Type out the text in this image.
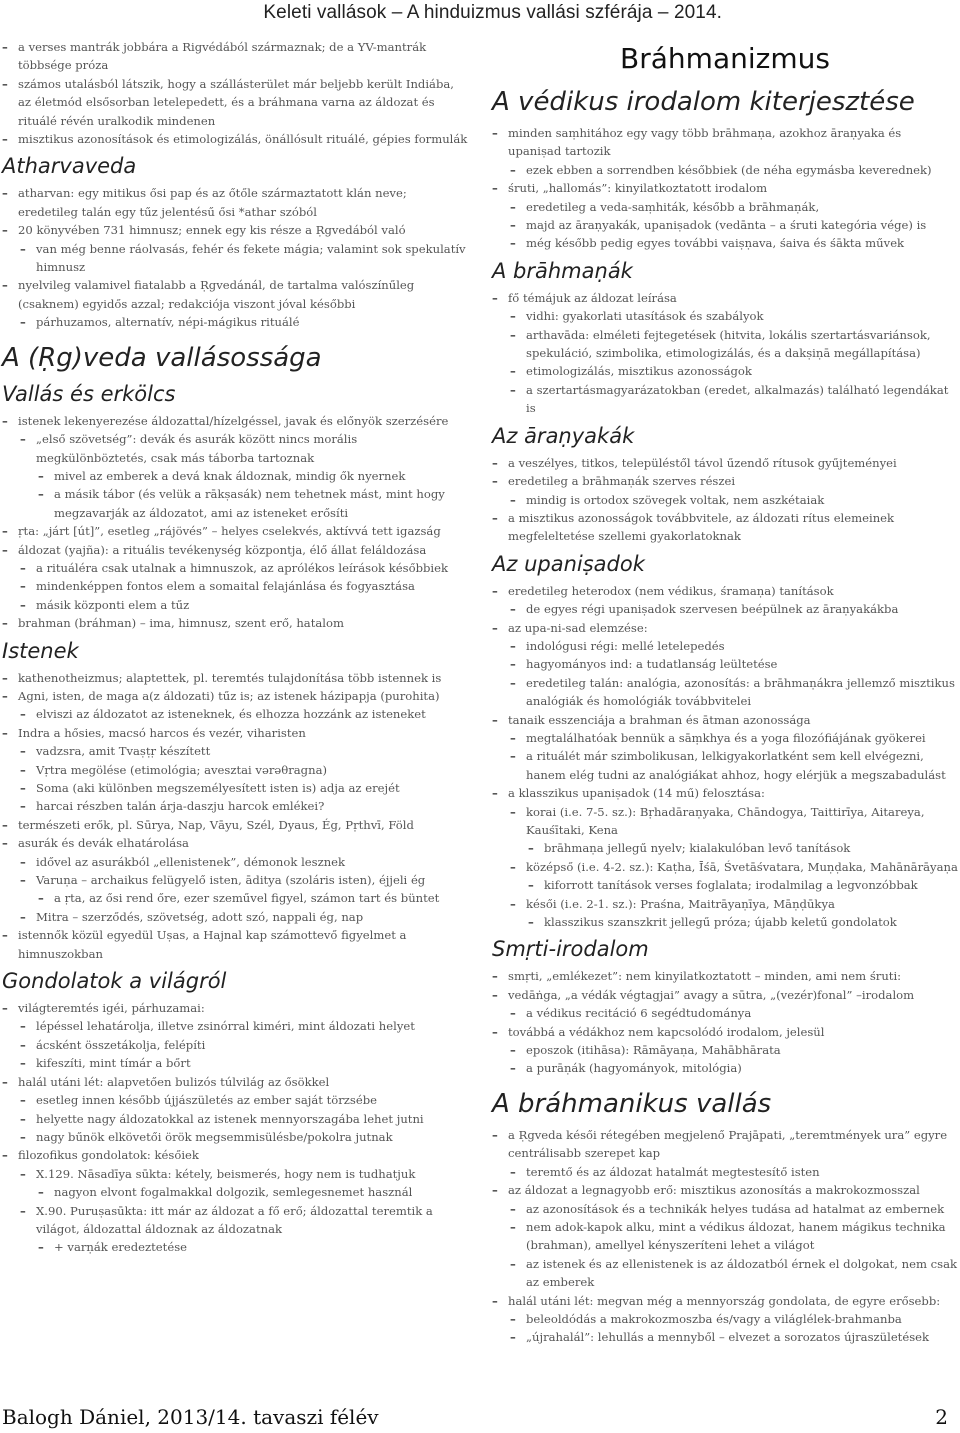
Keleti vallások – A hinduizmus vallási szférája – 2014.
– a verses mantrák jobbára a Rigvédából származnak; de a YV-mantrák többsége próza
– számos utalásból látszik, hogy a szállásterület már beljebb került Indiába, az életmód elsősorban letelepedett, és a bráhmana varna az áldozat és rituálé révén uralkodik mindenen
– misztikus azonosítások és etimologizálás, önállósult rituálé, gépies formulák
Atharvaveda
– atharvan: egy mitikus ősi pap és az őtőle származtatott klán neve; eredetileg talán egy tűz jelentésű ősi *athar szóból
– 20 könyvében 731 himnusz; ennek egy kis része a Ṛgvedából való
– van még benne ráolvasás, fehér és fekete mágia; valamint sok spekulatív himnusz
– nyelvileg valamivel fiatalabb a Ṛgvedánál, de tartalma valószínűleg (csaknem) egyidős azzal; redakciója viszont jóval későbbi
– párhuzamos, alternatív, népi-mágikus rituálé
A (Ṛg)veda vallásossága
Vallás és erkölcs
– istenek lekenyerezése áldozattal/hízelgéssel, javak és előnyök szerzésére
– „első szövetség”: devák és asurák között nincs morális megkülönböztetés, csak más táborba tartoznak
– mivel az emberek a devá knak áldoznak, mindig ők nyernek
– a másik tábor (és velük a rākṣasák) nem tehetnek mást, mint hogy megzavarják az áldozatot, ami az isteneket erősíti
– ṛta: „járt [út]”, esetleg „rájövés” – helyes cselekvés, aktívvá tett igazság
– áldozat (yajña): a rituális tevékenység központja, élő állat feláldozása
– a rituáléra csak utalnak a himnuszok, az aprólékos leírások későbbiek
– mindenképpen fontos elem a somaital felajánlása és fogyasztása
– másik központi elem a tűz
– brahman (bráhman) – ima, himnusz, szent erő, hatalom
Istenek
– kathenotheizmus; alaptettek, pl. teremtés tulajdonítása több istennek is
– Agni, isten, de maga a(z áldozati) tűz is; az istenek házipapja (purohita)
– elviszi az áldozatot az isteneknek, és elhozza hozzánk az isteneket
– Indra a hősies, macsó harcos és vezér, viharisten
– vadzsra, amit Tvaṣṭṛ készített
– Vṛtra megölése (etimológia; avesztai vərəθragna)
– Soma (aki különben megszemélyesített isten is) adja az erejét
– harcai részben talán árja-daszju harcok emlékei?
– természeti erők, pl. Sūrya, Nap, Vāyu, Szél, Dyaus, Ég, Pṛthvī, Föld
– asurák és devák elhatárolása
– idővel az asurákból „ellenistenek”, démonok lesznek
– Varuṇa – archaikus felügyelő isten, āditya (szoláris isten), éjjeli ég
– a ṛta, az ősi rend őre, ezer szeművel figyel, számon tart és büntet
– Mitra – szerződés, szövetség, adott szó, nappali ég, nap
– istennők közül egyedül Uṣas, a Hajnal kap számottevő figyelmet a himnuszokban
Gondolatok a világról
– világteremtés igéi, párhuzamai:
– lépéssel lehatárolja, illetve zsinórral kiméri, mint áldozati helyet
– ácsként összetákolja, felépíti
– kifeszíti, mint tímár a bőrt
– halál utáni lét: alapvetően bulizós túlvilág az ősökkel
– esetleg innen később újjászületés az ember saját törzsébe
– helyette nagy áldozatokkal az istenek mennyorszagába lehet jutni
– nagy bűnök elkövetői örök megsemmisülésbe/pokolra jutnak
– filozofikus gondolatok: későiek
– X.129. Nāsadīya sūkta: kétely, beismerés, hogy nem is tudhatjuk
– nagyon elvont fogalmakkal dolgozik, semlegesnemet használ
– X.90. Puruṣasūkta: itt már az áldozat a fő erő; áldozattal teremtik a világot, áldozattal áldoznak az áldozatnak
– + varṇák eredeztetése
Bráhmanizmus
A védikus irodalom kiterjesztése
– minden saṃhitához egy vagy több brāhmaṇa, azokhoz āraṇyaka és upaniṣad tartozik
– ezek ebben a sorrendben későbbiek (de néha egymásba keverednek)
– śruti, „hallomás”: kinyilatkoztatott irodalom
– eredetileg a veda-saṃhiták, később a brāhmaṇák,
– majd az āraṇyakák, upaniṣadok (vedānta – a śruti kategória vége) is
– még később pedig egyes további vaiṣṇava, śaiva és śākta művek
A brāhmaṇák
– fő témájuk az áldozat leírása
– vidhi: gyakorlati utasítások és szabályok
– arthavāda: elméleti fejtegetések (hitvita, lokális szertartásvariánsok, spekuláció, szimbolika, etimologizálás, és a dakṣiṇā megállapítása)
– etimologizálás, misztikus azonosságok
– a szertartásmagyarázatokban (eredet, alkalmazás) található legendákat is
Az āraṇyakák
– a veszélyes, titkos, településtől távol űzendő rítusok gyűjteményei
– eredetileg a brāhmaṇák szerves részei
– mindig is ortodox szövegek voltak, nem aszkétaiak
– a misztikus azonosságok továbbvitele, az áldozati rítus elemeinek megfeleltetése szellemi gyakorlatoknak
Az upaniṣadok
– eredetileg heterodox (nem védikus, śramaṇa) tanítások
– de egyes régi upaniṣadok szervesen beépülnek az āraṇyakákba
– az upa-ni-sad elemzése:
– indológusi régi: mellé letelepedés
– hagyományos ind: a tudatlanság leültetése
– eredetileg talán: analógia, azonosítás: a brāhmaṇákra jellemző misztikus analógiák és homológiák továbbvitelei
– tanaik esszenciája a brahman és ātman azonossága
– megtalálhatóak bennük a sāṃkhya és a yoga filozófiájának gyökerei
– a rituálét már szimbolikusan, lelkigyakorlatként sem kell elvégezni, hanem elég tudni az analógiákat ahhoz, hogy elérjük a megszabadulást
– a klasszikus upaniṣadok (14 mű) felosztása:
– korai (i.e. 7-5. sz.): Bṛhadāraṇyaka, Chāndogya, Taittirīya, Aitareya, Kauśītaki, Kena
– brāhmaṇa jellegű nyelv; kialakulóban levő tanítások
– középső (i.e. 4-2. sz.): Kaṭha, Īśā, Śvetāśvatara, Muṇḍaka, Mahānārāyaṇa
– kiforrott tanítások verses foglalata; irodalmilag a legvonzóbbak
– késői (i.e. 2-1. sz.): Praśna, Maitrāyaṇīya, Māṇḍūkya
– klasszikus szanszkrit jellegű próza; újabb keletű gondolatok
Smṛti-irodalom
– smṛti, „emlékezet”: nem kinyilatkoztatott – minden, ami nem śruti:
– vedāṅga, „a védák végtagjai” avagy a sūtra, „(vezér)fonal” –irodalom
– a védikus recitáció 6 segédtudománya
– továbbá a védákhoz nem kapcsolódó irodalom, jelesül
– eposzok (itihāsa): Rāmāyaṇa, Mahābhārata
– a purāṇák (hagyományok, mitológia)
A bráhmanikus vallás
– a Ṛgveda késői rétegében megjelenő Prajāpati, „teremtmények ura” egyre centrálisabb szerepet kap
– teremtő és az áldozat hatalmát megtestesítő isten
– az áldozat a legnagyobb erő: misztikus azonosítás a makrokozmosszal
– az azonosítások és a technikák helyes tudása ad hatalmat az embernek
– nem adok-kapok alku, mint a védikus áldozat, hanem mágikus technika (brahman), amellyel kényszeríteni lehet a világot
– az istenek és az ellenistenek is az áldozatból érnek el dolgokat, nem csak az emberek
– halál utáni lét: megvan még a mennyország gondolata, de egyre erősebb:
– beleoldódás a makrokozmoszba és/vagy a világlélek-brahmanba
– „újrahalál”: lehullás a mennyből – elvezet a sorozatos újraszületések
Balogh Dániel, 2013/14. tavaszi félév	2
